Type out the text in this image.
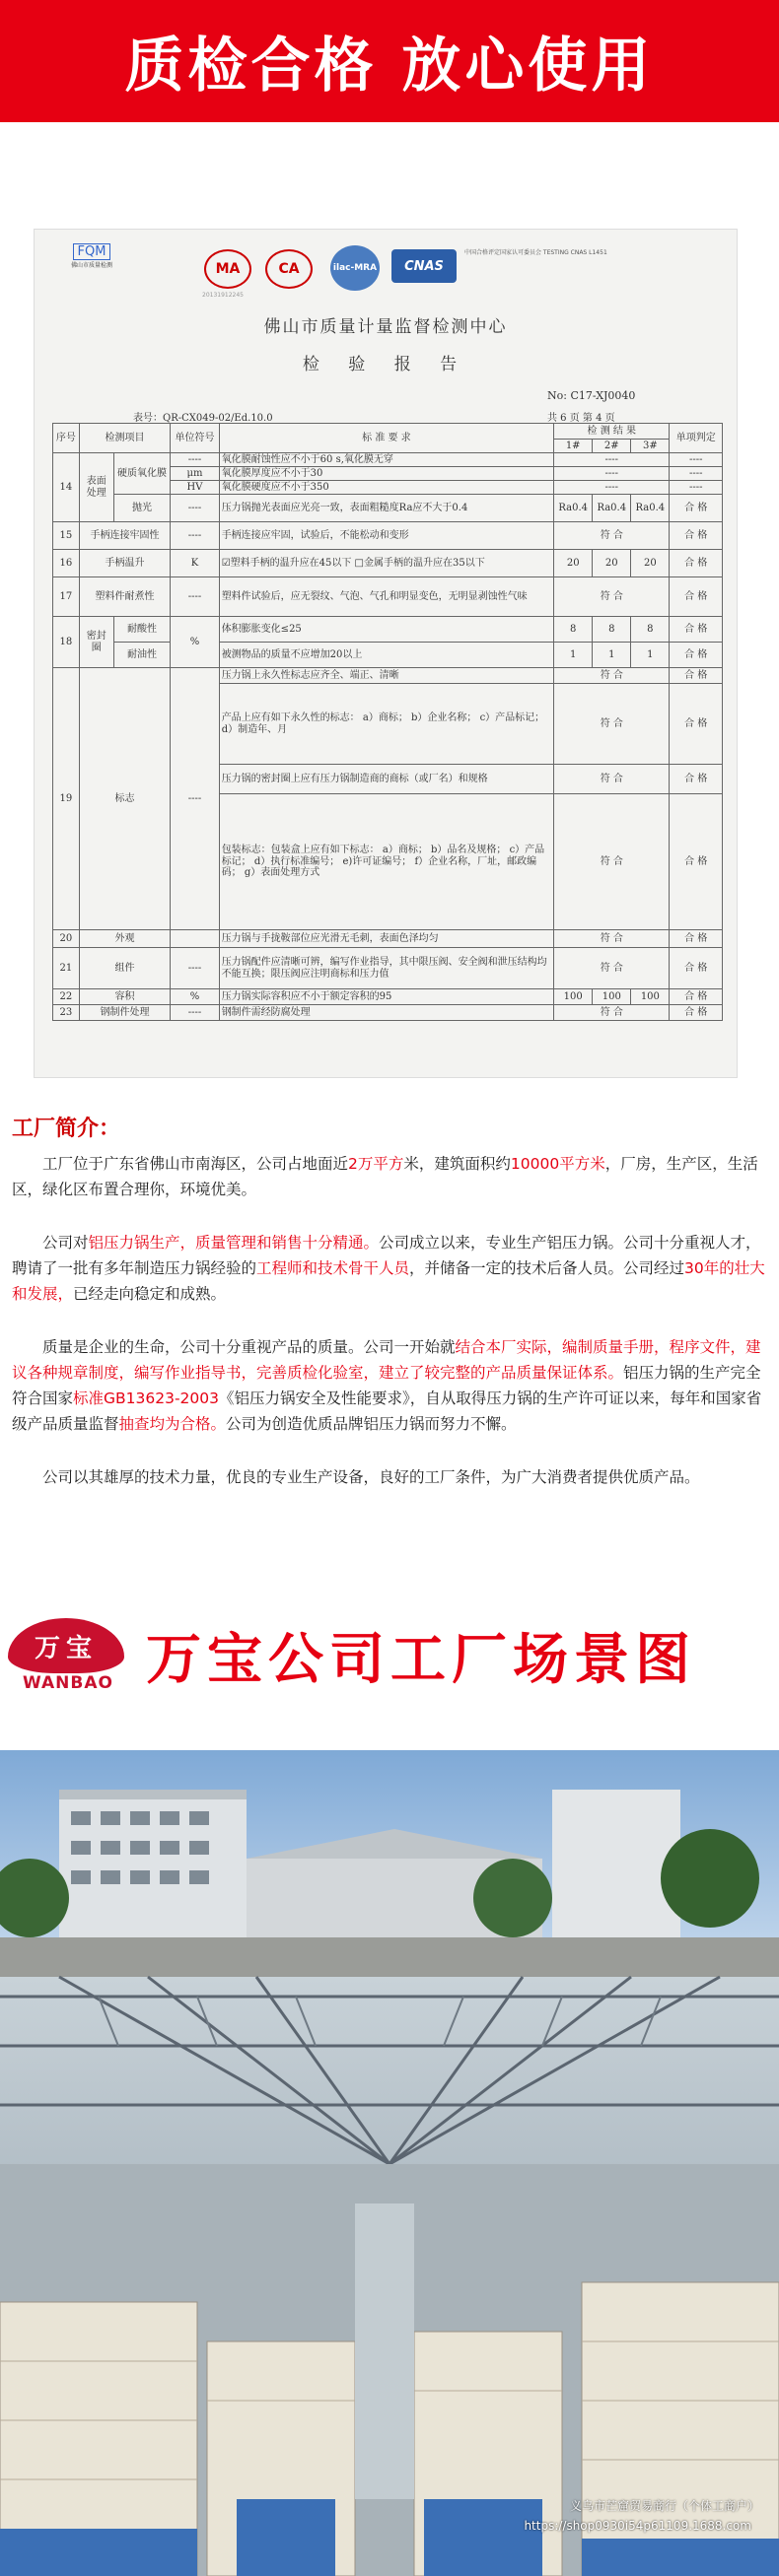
质检合格 放心使用
FQM
佛山市质量检测	MA	CA	ilac-MRA	CNAS
中国合格评定国家认可委员会 TESTING CNAS L1451
20131912245
佛山市质量计量监督检测中心
检 验 报 告
No: C17-XJ0040
表号：QR-CX049-02/Ed.10.0	共 6 页 第 4 页
序号	检测项目		单位符号	标 准 要 求	检 测 结 果			单项判定
					1#	2#	3#	
14	表面处理	硬质氧化膜	----	氧化膜耐蚀性应不小于60 s,氧化膜无穿	----			----
			μm	氧化膜厚度应不小于30	----			----
			HV	氧化膜硬度应不小于350	----			----
		抛光	----	压力锅抛光表面应光亮一致，表面粗糙度Ra应不大于0.4	Ra0.4	Ra0.4	Ra0.4	合 格
15	手柄连接牢固性		----	手柄连接应牢固，试验后，不能松动和变形	符 合			合 格
16	手柄温升		K	☑塑料手柄的温升应在45以下 □金属手柄的温升应在35以下	20	20	20	合 格
17	塑料件耐煮性		----	塑料件试验后，应无裂纹、气泡、气孔和明显变色，无明显剥蚀性气味	符 合			合 格
18	密封圈	耐酸性	%	体积膨胀变化≤25	8	8	8	合 格
		耐油性		被测物品的质量不应增加20以上	1	1	1	合 格
19	标志		----	压力锅上永久性标志应齐全、端正、清晰	符 合			合 格
				产品上应有如下永久性的标志： a）商标； b）企业名称； c）产品标记； d）制造年、月	符 合			合 格
				压力锅的密封圈上应有压力锅制造商的商标（或厂名）和规格	符 合			合 格
				包装标志：包装盒上应有如下标志： a）商标； b）品名及规格； c）产品标记； d）执行标准编号； e)许可证编号； f）企业名称，厂址，邮政编码； g）表面处理方式	符 合			合 格
20	外观			压力锅与手拢鞍部位应光滑无毛刺，表面色泽均匀	符 合			合 格
21	组件		----	压力锅配件应清晰可辨，编写作业指导，其中限压阀、安全阀和泄压结构均不能互换；限压阀应注明商标和压力值	符 合			合 格
22	容积		%	压力锅实际容积应不小于额定容积的95	100	100	100	合 格
23	钢制件处理		----	钢制件需经防腐处理	符 合			合 格
工厂简介：

工厂位于广东省佛山市南海区，公司占地面近2万平方米，建筑面积约10000平方米，厂房，生产区，生活区，绿化区布置合理你，环境优美。

公司对铝压力锅生产，质量管理和销售十分精通。公司成立以来，专业生产铝压力锅。公司十分重视人才，聘请了一批有多年制造压力锅经验的工程师和技术骨干人员，并储备一定的技术后备人员。公司经过30年的壮大和发展，已经走向稳定和成熟。

质量是企业的生命，公司十分重视产品的质量。公司一开始就结合本厂实际，编制质量手册，程序文件，建议各种规章制度，编写作业指导书，完善质检化验室，建立了较完整的产品质量保证体系。铝压力锅的生产完全符合国家标准GB13623-2003《铝压力锅安全及性能要求》，自从取得压力锅的生产许可证以来，每年和国家省级产品质量监督抽查均为合格。公司为创造优质品牌铝压力锅而努力不懈。

公司以其雄厚的技术力量，优良的专业生产设备，良好的工厂条件，为广大消费者提供优质产品。

万宝
WANBAO 万宝公司工厂场景图
义乌市芒窟贸易商行（个体工商户）
https://shop0930i54p61109.1688.com
